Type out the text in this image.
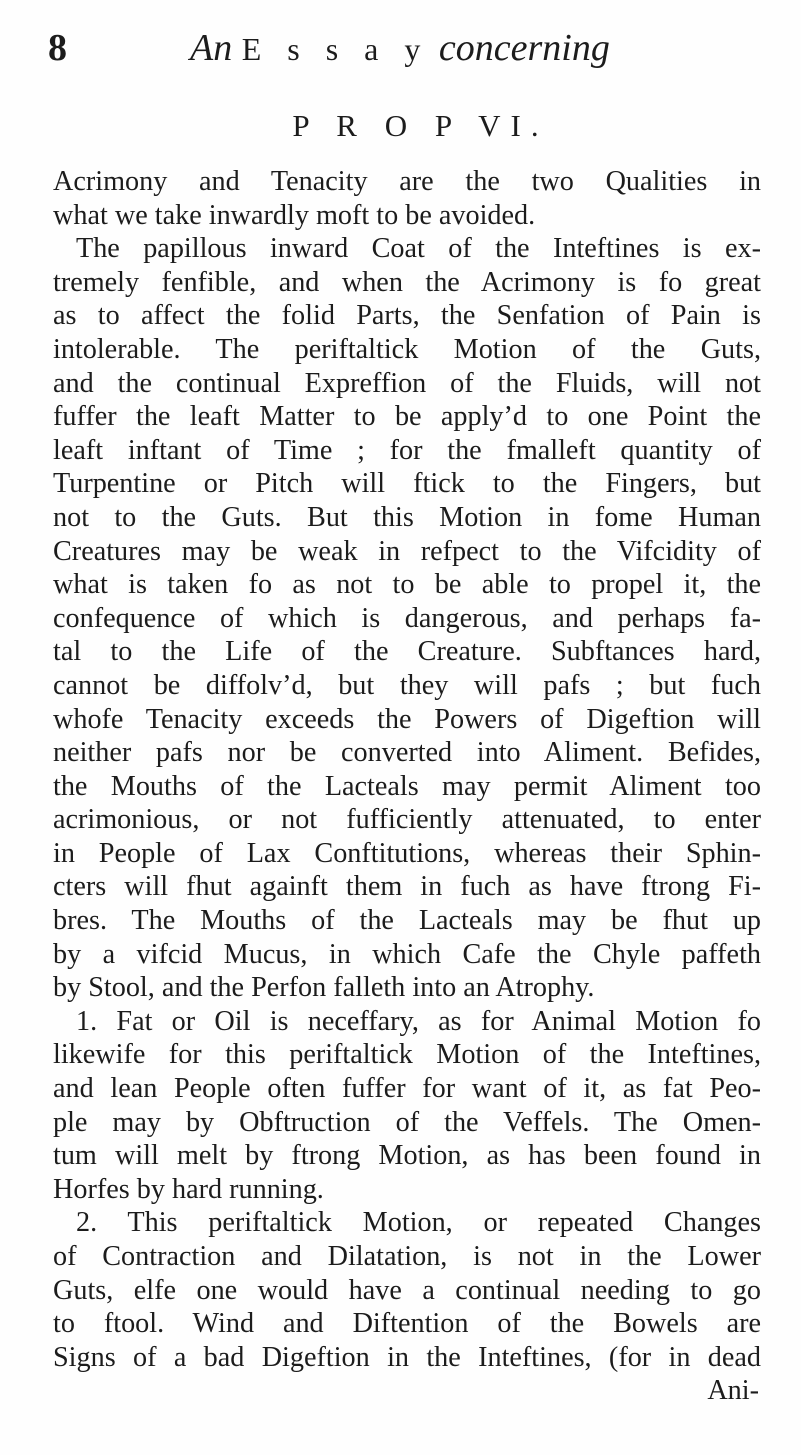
8	An E s s a y concerning
P R O P VI.
Acrimony and Tenacity are the two Qualities in
what we take inwardly moft to be avoided.
The papillous inward Coat of the Inteftines is ex-
tremely fenfible, and when the Acrimony is fo great
as to affect the folid Parts, the Senfation of Pain is
intolerable. The periftaltick Motion of the Guts,
and the continual Expreffion of the Fluids, will not
fuffer the leaft Matter to be apply’d to one Point the
leaft inftant of Time ; for the fmalleft quantity of
Turpentine or Pitch will ftick to the Fingers, but
not to the Guts. But this Motion in fome Human
Creatures may be weak in refpect to the Vifcidity of
what is taken fo as not to be able to propel it, the
confequence of which is dangerous, and perhaps fa-
tal to the Life of the Creature. Subftances hard,
cannot be diffolv’d, but they will pafs ; but fuch
whofe Tenacity exceeds the Powers of Digeftion will
neither pafs nor be converted into Aliment. Befides,
the Mouths of the Lacteals may permit Aliment too
acrimonious, or not fufficiently attenuated, to enter
in People of Lax Conftitutions, whereas their Sphin-
cters will fhut againft them in fuch as have ftrong Fi-
bres. The Mouths of the Lacteals may be fhut up
by a vifcid Mucus, in which Cafe the Chyle paffeth
by Stool, and the Perfon falleth into an Atrophy.
1. Fat or Oil is neceffary, as for Animal Motion fo
likewife for this periftaltick Motion of the Inteftines,
and lean People often fuffer for want of it, as fat Peo-
ple may by Obftruction of the Veffels. The Omen-
tum will melt by ftrong Motion, as has been found in
Horfes by hard running.
2. This periftaltick Motion, or repeated Changes
of Contraction and Dilatation, is not in the Lower
Guts, elfe one would have a continual needing to go
to ftool. Wind and Diftention of the Bowels are
Signs of a bad Digeftion in the Inteftines, (for in dead
Ani-
